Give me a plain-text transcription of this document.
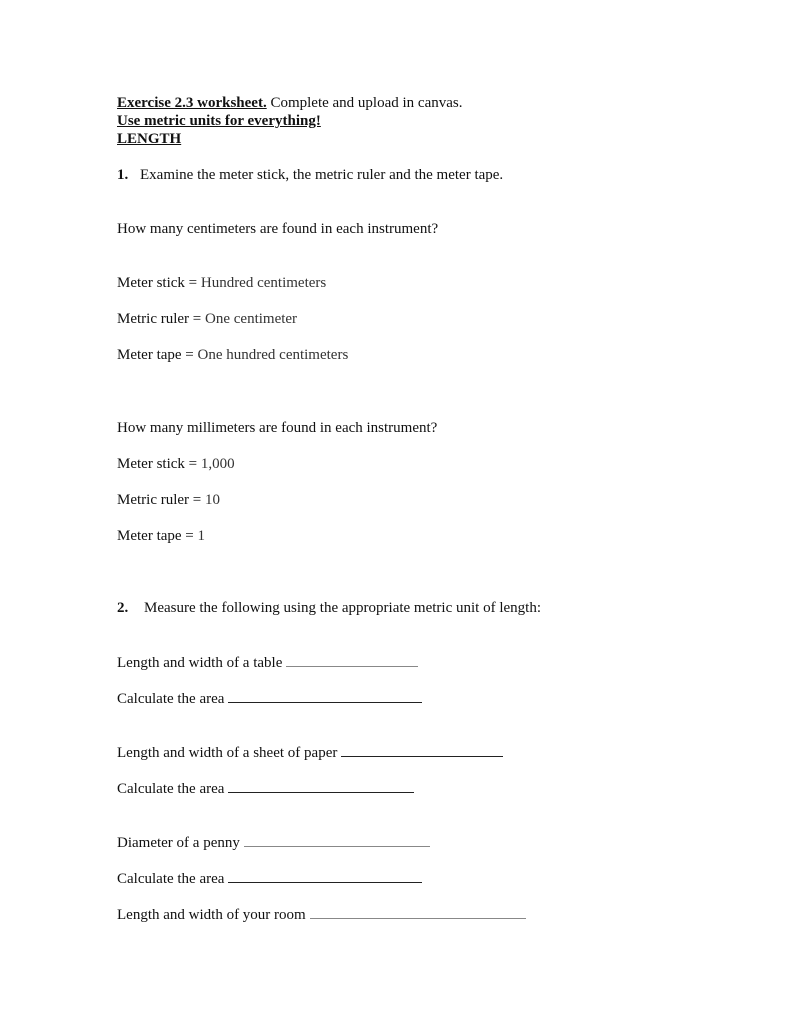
Exercise 2.3 worksheet. Complete and upload in canvas.
Use metric units for everything!
LENGTH
1. Examine the meter stick, the metric ruler and the meter tape.
How many centimeters are found in each instrument?
Meter stick = Hundred centimeters
Metric ruler = One centimeter
Meter tape = One hundred centimeters
How many millimeters are found in each instrument?
Meter stick = 1,000
Metric ruler = 10
Meter tape = 1
2. Measure the following using the appropriate metric unit of length:
Length and width of a table
Calculate the area
Length and width of a sheet of paper
Calculate the area
Diameter of a penny
Calculate the area
Length and width of your room
